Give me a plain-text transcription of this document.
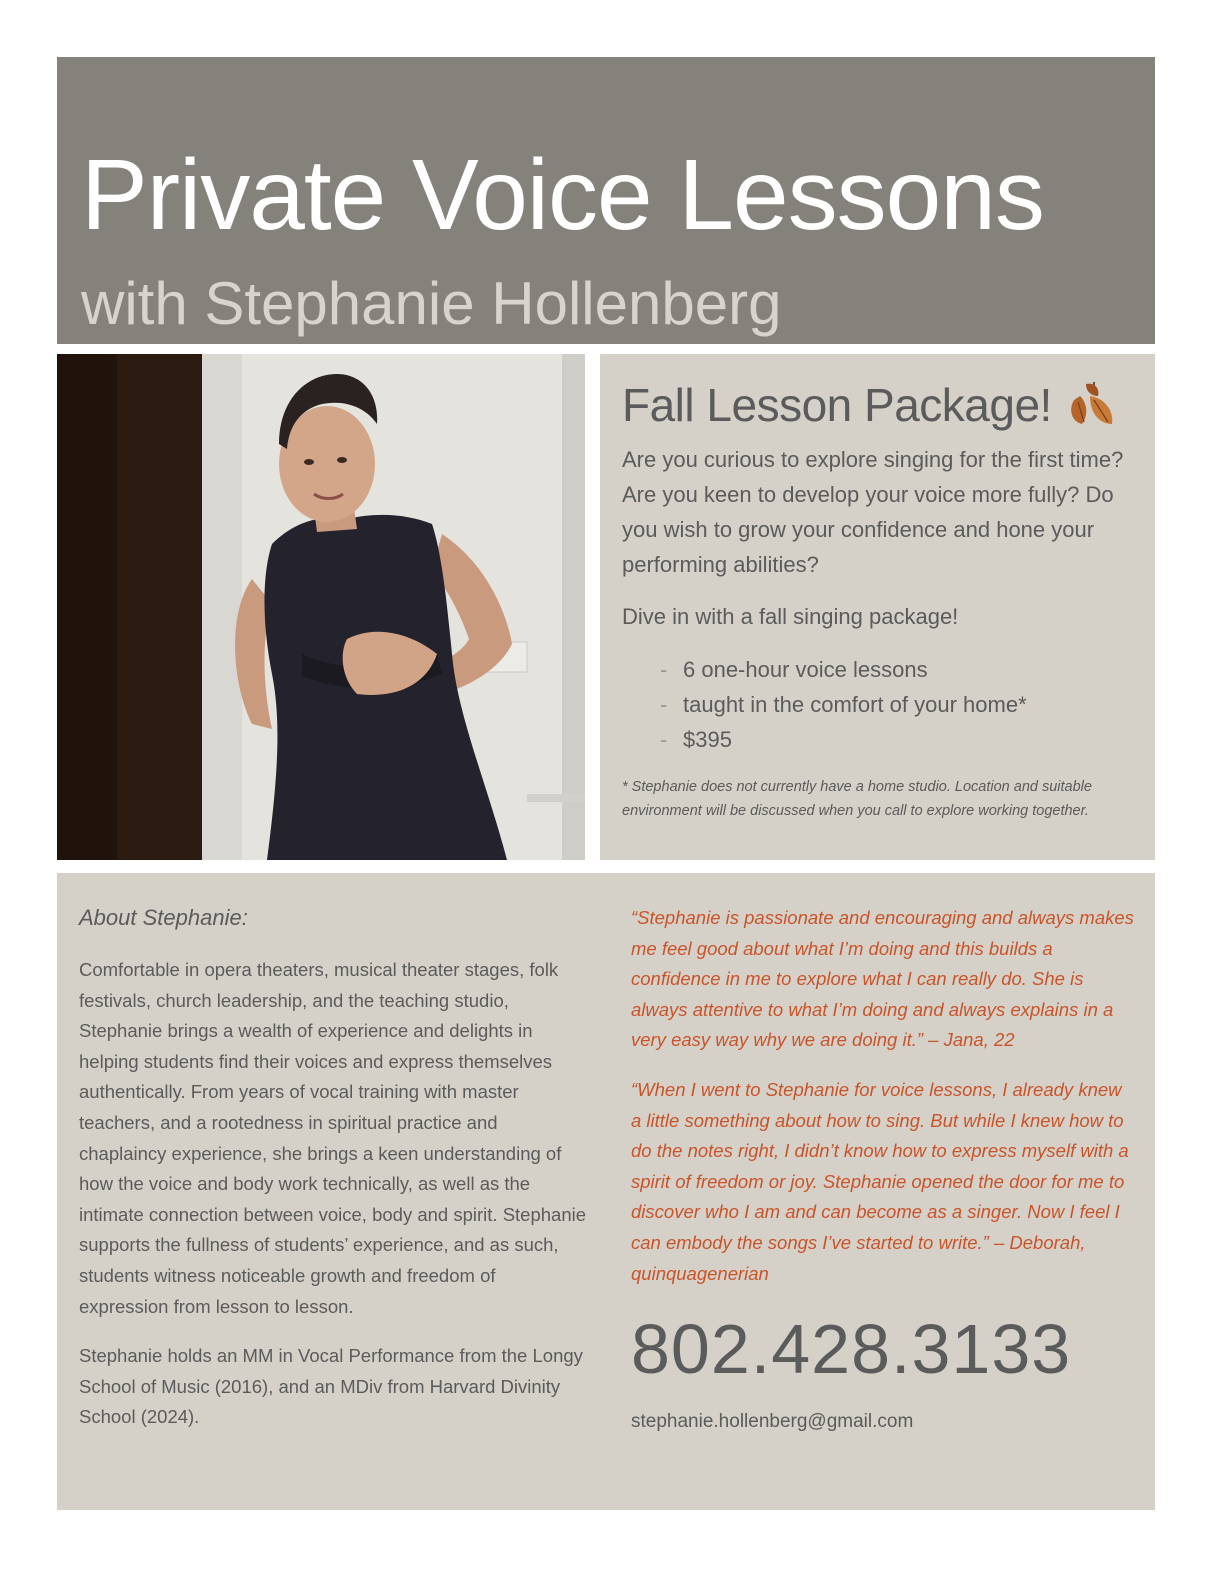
Private Voice Lessons
with Stephanie Hollenberg
Fall Lesson Package!

Are you curious to explore singing for the first time? Are you keen to develop your voice more fully? Do you wish to grow your confidence and hone your performing abilities?

Dive in with a fall singing package!

- 6 one-hour voice lessons
- taught in the comfort of your home*
- $395

* Stephanie does not currently have a home studio. Location and suitable environment will be discussed when you call to explore working together.

About Stephanie:

Comfortable in opera theaters, musical theater stages, folk festivals, church leadership, and the teaching studio, Stephanie brings a wealth of experience and delights in helping students find their voices and express themselves authentically. From years of vocal training with master teachers, and a rootedness in spiritual practice and chaplaincy experience, she brings a keen understanding of how the voice and body work technically, as well as the intimate connection between voice, body and spirit. Stephanie supports the fullness of students’ experience, and as such, students witness noticeable growth and freedom of expression from lesson to lesson.

Stephanie holds an MM in Vocal Performance from the Longy School of Music (2016), and an MDiv from Harvard Divinity School (2024).

“Stephanie is passionate and encouraging and always makes me feel good about what I’m doing and this builds a confidence in me to explore what I can really do. She is always attentive to what I’m doing and always explains in a very easy way why we are doing it.” – Jana, 22

“When I went to Stephanie for voice lessons, I already knew a little something about how to sing. But while I knew how to do the notes right, I didn’t know how to express myself with a spirit of freedom or joy. Stephanie opened the door for me to discover who I am and can become as a singer. Now I feel I can embody the songs I’ve started to write.” – Deborah, quinquagenerian

802.428.3133
stephanie.hollenberg@gmail.com
